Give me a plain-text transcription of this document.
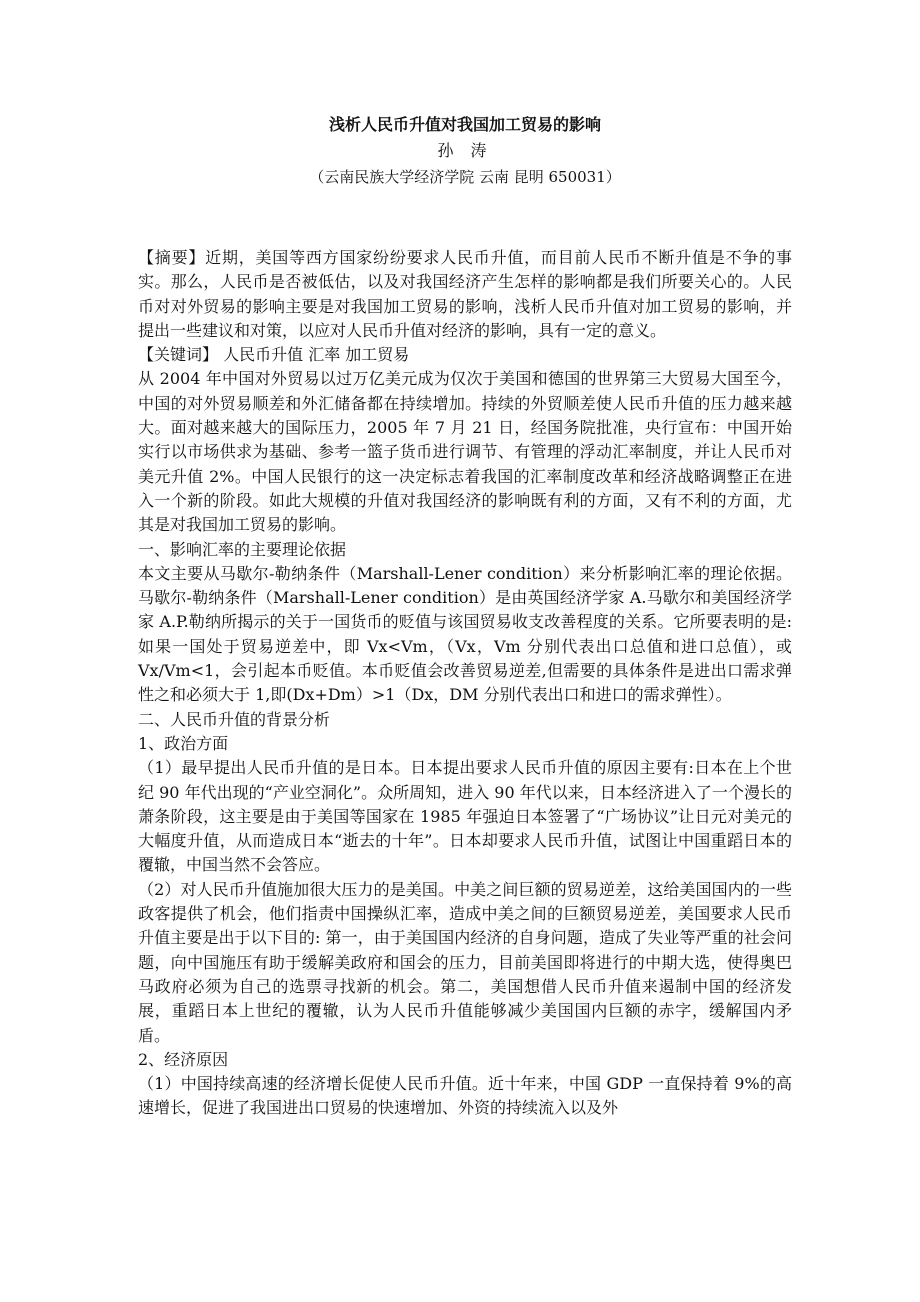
浅析人民币升值对我国加工贸易的影响

孙 涛

（云南民族大学经济学院 云南 昆明 650031）

【摘要】近期，美国等西方国家纷纷要求人民币升值，而目前人民币不断升值是不争的事实。那么，人民币是否被低估，以及对我国经济产生怎样的影响都是我们所要关心的。人民币对对外贸易的影响主要是对我国加工贸易的影响，浅析人民币升值对加工贸易的影响，并提出一些建议和对策，以应对人民币升值对经济的影响，具有一定的意义。

【关键词】 人民币升值 汇率 加工贸易

从 2004 年中国对外贸易以过万亿美元成为仅次于美国和德国的世界第三大贸易大国至今，中国的对外贸易顺差和外汇储备都在持续增加。持续的外贸顺差使人民币升值的压力越来越大。面对越来越大的国际压力，2005 年 7 月 21 日，经国务院批准，央行宣布：中国开始实行以市场供求为基础、参考一篮子货币进行调节、有管理的浮动汇率制度，并让人民币对美元升值 2%。中国人民银行的这一决定标志着我国的汇率制度改革和经济战略调整正在进入一个新的阶段。如此大规模的升值对我国经济的影响既有利的方面，又有不利的方面，尤其是对我国加工贸易的影响。

一、影响汇率的主要理论依据

本文主要从马歇尔-勒纳条件（Marshall-Lener condition）来分析影响汇率的理论依据。马歇尔-勒纳条件（Marshall-Lener condition）是由英国经济学家 A.马歇尔和美国经济学家 A.P.勒纳所揭示的关于一国货币的贬值与该国贸易收支改善程度的关系。它所要表明的是: 如果一国处于贸易逆差中，即 Vx<Vm，（Vx，Vm 分别代表出口总值和进口总值），或 Vx/Vm<1，会引起本币贬值。本币贬值会改善贸易逆差,但需要的具体条件是进出口需求弹性之和必须大于 1,即(Dx+Dm）>1（Dx，DM 分别代表出口和进口的需求弹性）。

二、人民币升值的背景分析

1、政治方面

（1）最早提出人民币升值的是日本。日本提出要求人民币升值的原因主要有:日本在上个世纪 90 年代出现的“产业空洞化”。众所周知，进入 90 年代以来，日本经济进入了一个漫长的萧条阶段，这主要是由于美国等国家在 1985 年强迫日本签署了“广场协议”让日元对美元的大幅度升值，从而造成日本“逝去的十年”。日本却要求人民币升值，试图让中国重蹈日本的覆辙，中国当然不会答应。

（2）对人民币升值施加很大压力的是美国。中美之间巨额的贸易逆差，这给美国国内的一些政客提供了机会，他们指责中国操纵汇率，造成中美之间的巨额贸易逆差，美国要求人民币升值主要是出于以下目的: 第一，由于美国国内经济的自身问题，造成了失业等严重的社会问题，向中国施压有助于缓解美政府和国会的压力，目前美国即将进行的中期大选，使得奥巴马政府必须为自己的选票寻找新的机会。第二，美国想借人民币升值来遏制中国的经济发展，重蹈日本上世纪的覆辙，认为人民币升值能够减少美国国内巨额的赤字，缓解国内矛盾。

2、经济原因

（1）中国持续高速的经济增长促使人民币升值。近十年来，中国 GDP 一直保持着 9%的高速增长，促进了我国进出口贸易的快速增加、外资的持续流入以及外
